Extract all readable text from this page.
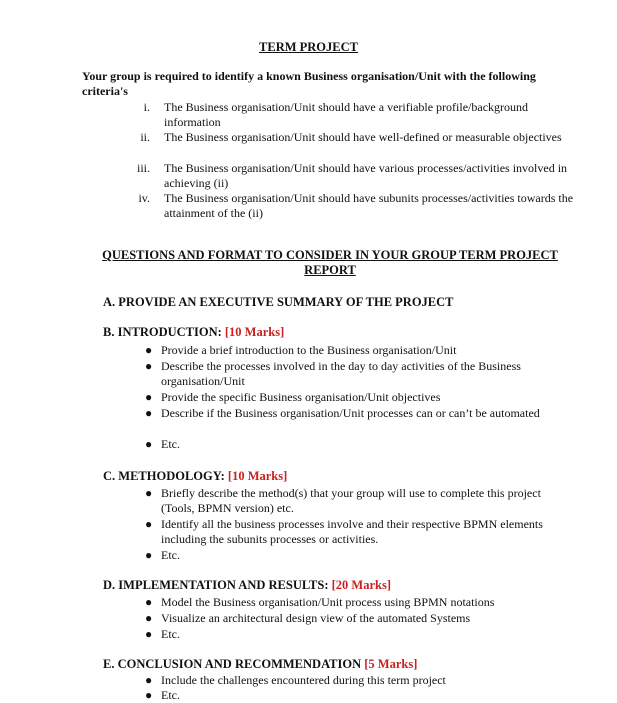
TERM PROJECT
Your group is required to identify a known Business organisation/Unit with the following criteria's
i. The Business organisation/Unit should have a verifiable profile/background information
ii. The Business organisation/Unit should have well-defined or measurable objectives
iii. The Business organisation/Unit should have various processes/activities involved in achieving (ii)
iv. The Business organisation/Unit should have subunits processes/activities towards the attainment of the (ii)
QUESTIONS AND FORMAT TO CONSIDER IN YOUR GROUP TERM PROJECT REPORT
A. PROVIDE AN EXECUTIVE SUMMARY OF THE PROJECT
B. INTRODUCTION: [10 Marks]
● Provide a brief introduction to the Business organisation/Unit
● Describe the processes involved in the day to day activities of the Business organisation/Unit
● Provide the specific Business organisation/Unit objectives
● Describe if the Business organisation/Unit processes can or can’t be automated
● Etc.
C. METHODOLOGY: [10 Marks]
● Briefly describe the method(s) that your group will use to complete this project (Tools, BPMN version) etc.
● Identify all the business processes involve and their respective BPMN elements including the subunits processes or activities.
● Etc.
D. IMPLEMENTATION AND RESULTS: [20 Marks]
● Model the Business organisation/Unit process using BPMN notations
● Visualize an architectural design view of the automated Systems
● Etc.
E. CONCLUSION AND RECOMMENDATION [5 Marks]
● Include the challenges encountered during this term project
● Etc.
